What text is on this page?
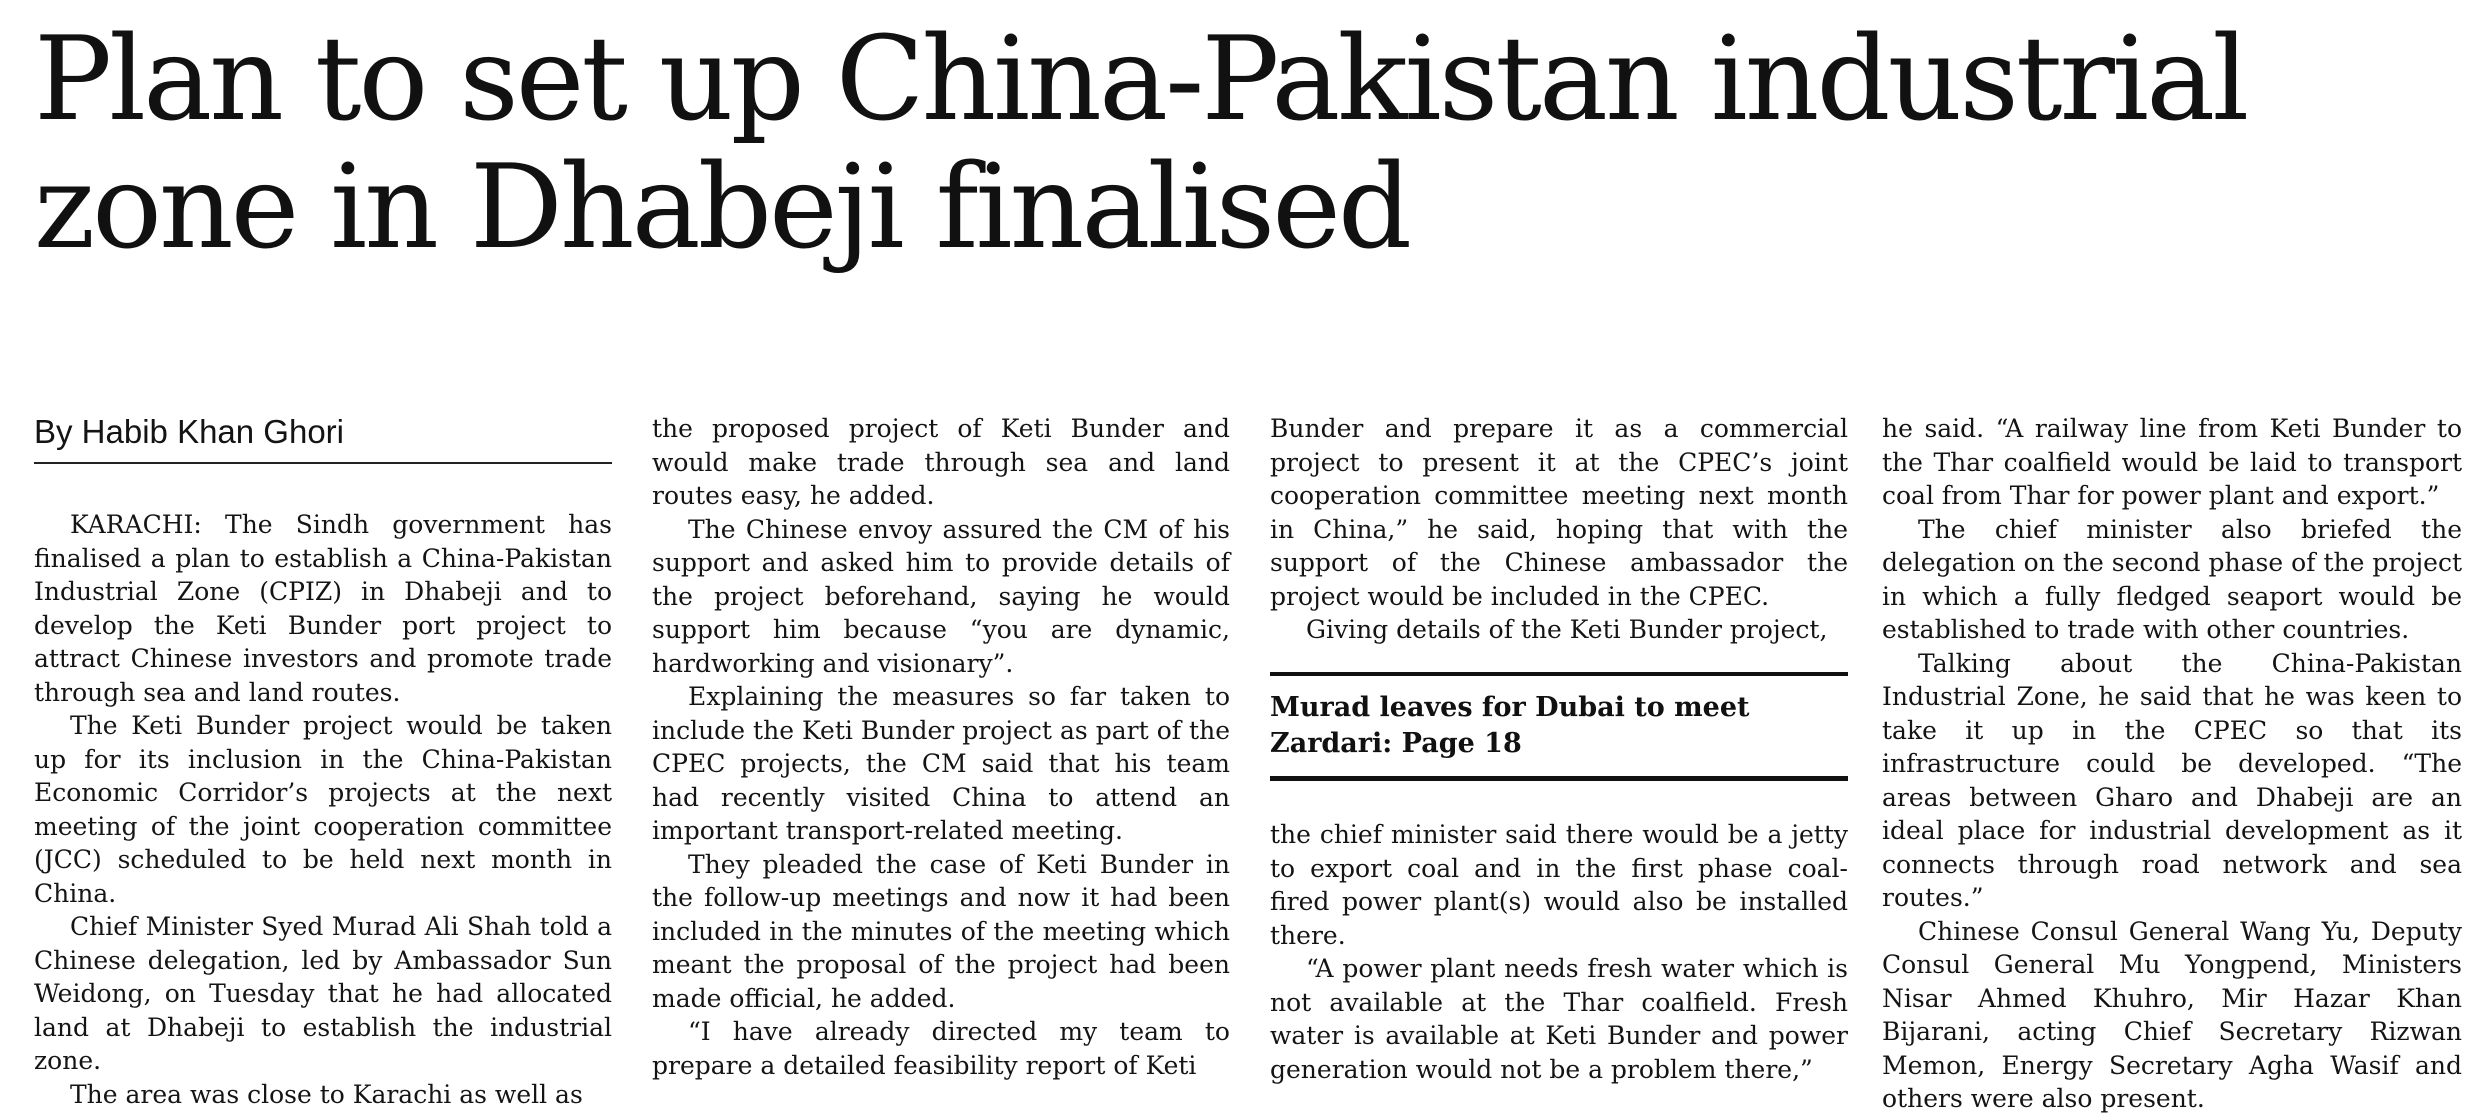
Plan to set up China-Pakistan industrial zone in Dhabeji finalised
By Habib Khan Ghori

KARACHI: The Sindh government has finalised a plan to establish a China-Pakistan Industrial Zone (CPIZ) in Dhabeji and to develop the Keti Bunder port project to attract Chinese investors and promote trade through sea and land routes.

The Keti Bunder project would be taken up for its inclusion in the China-Pakistan Economic Corridor’s projects at the next meeting of the joint cooperation committee (JCC) scheduled to be held next month in China.

Chief Minister Syed Murad Ali Shah told a Chinese delegation, led by Ambassador Sun Weidong, on Tuesday that he had allocated land at Dhabeji to establish the industrial zone.

The area was close to Karachi as well as

the proposed project of Keti Bunder and would make trade through sea and land routes easy, he added.

The Chinese envoy assured the CM of his support and asked him to provide details of the project beforehand, saying he would support him because “you are dynamic, hardworking and visionary”.

Explaining the measures so far taken to include the Keti Bunder project as part of the CPEC projects, the CM said that his team had recently visited China to attend an important transport-related meeting.

They pleaded the case of Keti Bunder in the follow-up meetings and now it had been included in the minutes of the meeting which meant the proposal of the project had been made official, he added.

“I have already directed my team to prepare a detailed feasibility report of Keti

Bunder and prepare it as a commercial project to present it at the CPEC’s joint cooperation committee meeting next month in China,” he said, hoping that with the support of the Chinese ambassador the project would be included in the CPEC.

Giving details of the Keti Bunder project,

Murad leaves for Dubai to meet Zardari: Page 18

the chief minister said there would be a jetty to export coal and in the first phase coal-fired power plant(s) would also be installed there.

“A power plant needs fresh water which is not available at the Thar coalfield. Fresh water is available at Keti Bunder and power generation would not be a problem there,”

he said. “A railway line from Keti Bunder to the Thar coalfield would be laid to transport coal from Thar for power plant and export.”

The chief minister also briefed the delegation on the second phase of the project in which a fully fledged seaport would be established to trade with other countries.

Talking about the China-Pakistan Industrial Zone, he said that he was keen to take it up in the CPEC so that its infrastructure could be developed. “The areas between Gharo and Dhabeji are an ideal place for industrial development as it connects through road network and sea routes.”

Chinese Consul General Wang Yu, Deputy Consul General Mu Yongpend, Ministers Nisar Ahmed Khuhro, Mir Hazar Khan Bijarani, acting Chief Secretary Rizwan Memon, Energy Secretary Agha Wasif and others were also present.
